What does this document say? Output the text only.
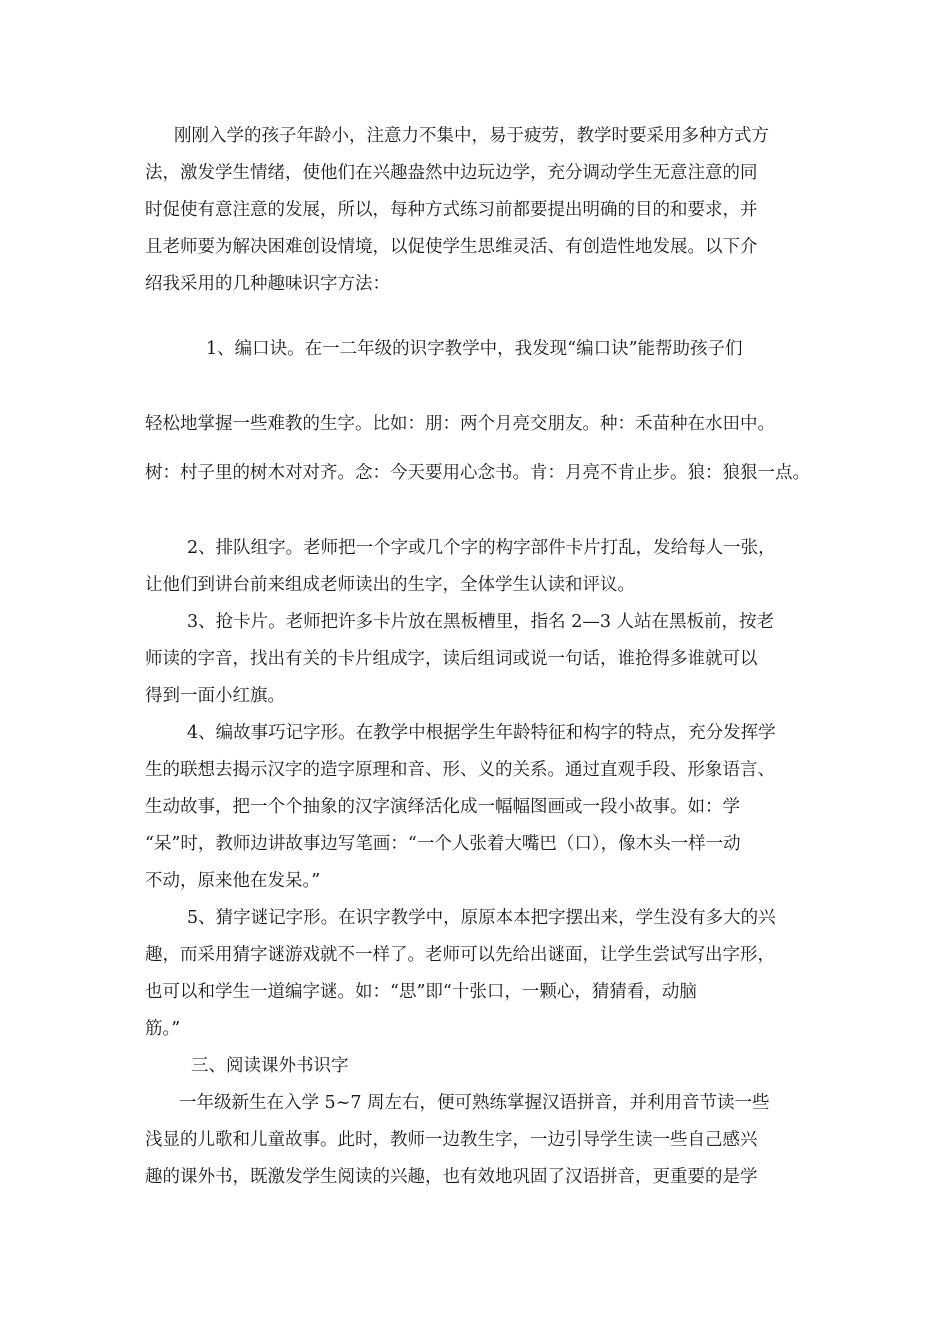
刚刚入学的孩子年龄小，注意力不集中，易于疲劳，教学时要采用多种方式方
法，激发学生情绪，使他们在兴趣盎然中边玩边学，充分调动学生无意注意的同
时促使有意注意的发展，所以，每种方式练习前都要提出明确的目的和要求，并
且老师要为解决困难创设情境，以促使学生思维灵活、有创造性地发展。以下介
绍我采用的几种趣味识字方法：
1、编口诀。在一二年级的识字教学中，我发现“编口诀”能帮助孩子们
轻松地掌握一些难教的生字。比如：朋：两个月亮交朋友。种：禾苗种在水田中。
树：村子里的树木对对齐。念：今天要用心念书。肯：月亮不肯止步。狼：狼狠一点。
2、排队组字。老师把一个字或几个字的构字部件卡片打乱，发给每人一张，
让他们到讲台前来组成老师读出的生字，全体学生认读和评议。
3、抢卡片。老师把许多卡片放在黑板槽里，指名 2—3 人站在黑板前，按老
师读的字音，找出有关的卡片组成字，读后组词或说一句话，谁抢得多谁就可以
得到一面小红旗。
4、编故事巧记字形。在教学中根据学生年龄特征和构字的特点，充分发挥学
生的联想去揭示汉字的造字原理和音、形、义的关系。通过直观手段、形象语言、
生动故事，把一个个抽象的汉字演绎活化成一幅幅图画或一段小故事。如：学
“呆”时，教师边讲故事边写笔画：“一个人张着大嘴巴（口），像木头一样一动
不动，原来他在发呆。”
5、猜字谜记字形。在识字教学中，原原本本把字摆出来，学生没有多大的兴
趣，而采用猜字谜游戏就不一样了。老师可以先给出谜面，让学生尝试写出字形，
也可以和学生一道编字谜。如：“思”即“十张口，一颗心，猜猜看，动脑
筋。”
三、阅读课外书识字
一年级新生在入学 5~7 周左右，便可熟练掌握汉语拼音，并利用音节读一些
浅显的儿歌和儿童故事。此时，教师一边教生字，一边引导学生读一些自己感兴
趣的课外书，既激发学生阅读的兴趣，也有效地巩固了汉语拼音，更重要的是学
